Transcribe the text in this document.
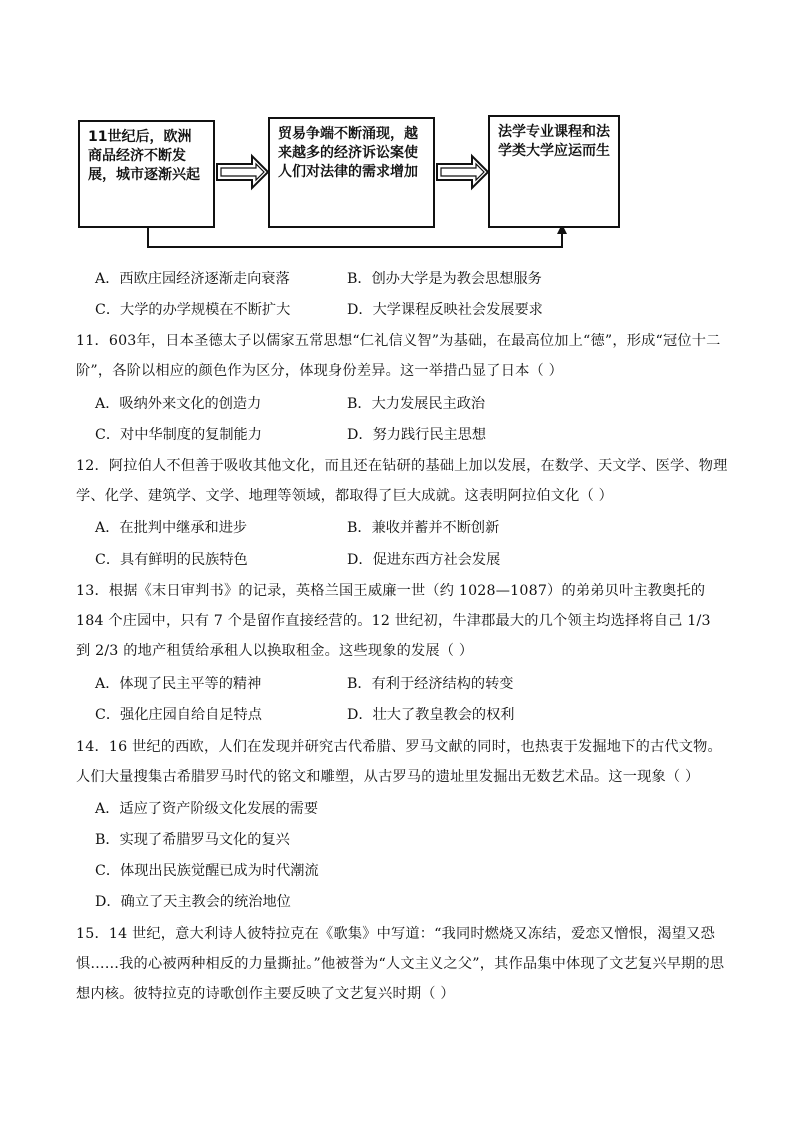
11世纪后，欧洲商品经济不断发展，城市逐渐兴起
贸易争端不断涌现，越来越多的经济诉讼案使人们对法律的需求增加
法学专业课程和法学类大学应运而生
A．西欧庄园经济逐渐走向衰落	B．创办大学是为教会思想服务
C．大学的办学规模在不断扩大	D．大学课程反映社会发展要求
11．603年，日本圣德太子以儒家五常思想“仁礼信义智”为基础，在最高位加上“德”，形成“冠位十二阶”，各阶以相应的颜色作为区分，体现身份差异。这一举措凸显了日本（ ）
A．吸纳外来文化的创造力	B．大力发展民主政治
C．对中华制度的复制能力	D．努力践行民主思想
12．阿拉伯人不但善于吸收其他文化，而且还在钻研的基础上加以发展，在数学、天文学、医学、物理学、化学、建筑学、文学、地理等领域，都取得了巨大成就。这表明阿拉伯文化（ ）
A．在批判中继承和进步	B．兼收并蓄并不断创新
C．具有鲜明的民族特色	D．促进东西方社会发展
13．根据《末日审判书》的记录，英格兰国王威廉一世（约 1028—1087）的弟弟贝叶主教奥托的 184 个庄园中，只有 7 个是留作直接经营的。12 世纪初，牛津郡最大的几个领主均选择将自己 1/3 到 2/3 的地产租赁给承租人以换取租金。这些现象的发展（ ）
A．体现了民主平等的精神	B．有利于经济结构的转变
C．强化庄园自给自足特点	D．壮大了教皇教会的权利
14．16 世纪的西欧，人们在发现并研究古代希腊、罗马文献的同时，也热衷于发掘地下的古代文物。人们大量搜集古希腊罗马时代的铭文和雕塑，从古罗马的遗址里发掘出无数艺术品。这一现象（ ）
A．适应了资产阶级文化发展的需要
B．实现了希腊罗马文化的复兴
C．体现出民族觉醒已成为时代潮流
D．确立了天主教会的统治地位
15．14 世纪，意大利诗人彼特拉克在《歌集》中写道：“我同时燃烧又冻结，爱恋又憎恨，渴望又恐惧……我的心被两种相反的力量撕扯。”他被誉为“人文主义之父”，其作品集中体现了文艺复兴早期的思想内核。彼特拉克的诗歌创作主要反映了文艺复兴时期（ ）
